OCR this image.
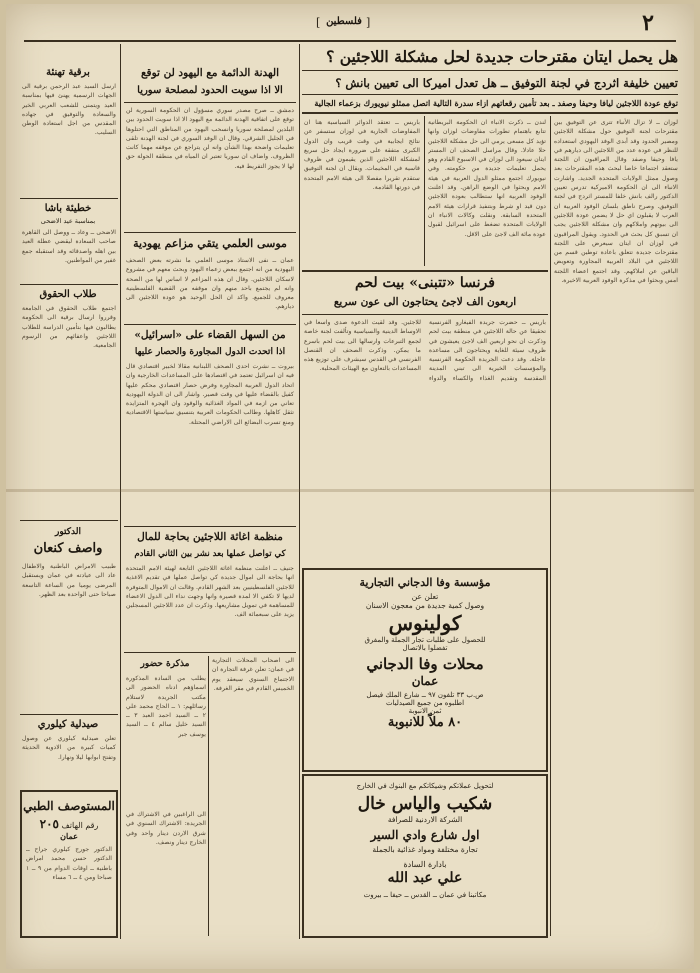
٢
[ فلسطين ]
هل يحمل ايتان مقترحات جديدة لحل مشكلة اللاجئين ؟
تعيين خليفة اثردج في لجنة التوفيق ــ هل تعدل اميركا الى تعيين بانش ؟
توقع عودة اللاجئين ليافا وحيفا وصفد ـ بعد تأمين رقعاتهم ازاء سدرة التالية اتصل ممثلو نيويورك بزعماء الجالية
لوزان ــ لا تزال الأنباء تترى عن التوفيق بين مقترحات لجنة التوفيق حول مشكلة اللاجئين ومصير الحدود وقد أبدى الوفد اليهودي استعداده للنظر في عودة عدد من اللاجئين الى ديارهم في يافا وحيفا وصفد وقال المراقبون ان اللجنة ستعقد اجتماعا خاصا لبحث هذه المقترحات بعد وصول ممثل الولايات المتحدة الجديد. واشارت الانباء الى ان الحكومة الاميركية تدرس تعيين الدكتور رالف بانش خلفا للمستر اثردج في لجنة التوفيق. وصرح ناطق بلسان الوفود العربية ان العرب لا يقبلون اي حل لا يضمن عودة اللاجئين الى بيوتهم واملاكهم وان مشكلة اللاجئين يجب ان تسبق كل بحث في الحدود. ويقول المراقبون في لوزان ان ايتان سيعرض على اللجنة مقترحات جديدة تتعلق باعادة توطين قسم من اللاجئين في البلاد العربية المجاورة وتعويض الباقين عن املاكهم. وقد اجتمع اعضاء اللجنة امس وبحثوا في مذكرة الوفود العربية الاخيرة.
لندن ــ ذكرت الانباء ان الحكومة البريطانية تتابع باهتمام تطورات مفاوضات لوزان وانها تؤيد كل مسعى يرمي الى حل مشكلة اللاجئين حلا عادلا. وقال مراسل الصحف ان المستر ايتان سيعود الى لوزان في الاسبوع القادم وهو يحمل تعليمات جديدة من حكومته. وفي نيويورك اجتمع ممثلو الدول العربية في هيئة الامم وبحثوا في الوضع الراهن. وقد اعلنت الوفود العربية انها ستطالب بعودة اللاجئين دون قيد او شرط وبتنفيذ قرارات هيئة الامم المتحدة السابقة. ونقلت وكالات الانباء ان الولايات المتحدة تضغط على اسرائيل لقبول عودة مائة الف لاجئ على الاقل.
باريس ــ تعتقد الدوائر السياسية هنا ان المفاوضات الجارية في لوزان ستسفر عن نتائج ايجابية في وقت قريب وان الدول الكبرى متفقة على ضرورة ايجاد حل سريع لمشكلة اللاجئين الذين يقيمون في ظروف قاسية في المخيمات. ويقال ان لجنة التوفيق ستقدم تقريرا مفصلا الى هيئة الامم المتحدة في دورتها القادمة.
فرنسا «تتبنى» بيت لحم
اربعون الف لاجئ يحتاجون الى عون سريع
باريس ــ حضرت جريدة الفيغارو الفرنسية تحقيقا عن حالة اللاجئين في منطقة بيت لحم وذكرت ان نحو اربعين الف لاجئ يعيشون في ظروف سيئة للغاية ويحتاجون الى مساعدة عاجلة. وقد دعت الجريدة الحكومة الفرنسية والمؤسسات الخيرية الى تبني المدينة المقدسة وتقديم الغذاء والكساء والدواء للاجئين. وقد لقيت الدعوة صدى واسعا في الاوساط الدينية والسياسية وتألفت لجنة خاصة لجمع التبرعات وارسالها الى بيت لحم باسرع ما يمكن. وذكرت الصحف ان القنصل الفرنسي في القدس سيشرف على توزيع هذه المساعدات بالتعاون مع الهيئات المحلية.
مؤسسة وفا الدجاني التجارية
تعلن عن
وصول كمية جديدة من معجون الاسنان
كولينوس
للحصول على طلبات تجار الجملة والمفرق
تفضلوا بالاتصال
محلات وفا الدجاني
عمان
ص.ب ٣٣ تلفون ٩٧ ــ شارع الملك فيصل
اطلبوه من جميع الصيدليات
ثمن الانبوبة
٨٠ ملاً للانبوبة
لتحويل عملاتكم وشيكاتكم مع البنوك في الخارج
شكيب والياس خال
الشركة الاردنية للصرافة
اول شارع وادي السير
تجارة مختلفة ومواد غذائية بالجملة
بادارة السادة
علي عبد الله
مكاتبنا في عمان ــ القدس ــ حيفا ــ بيروت
الهدنة الدائمة مع اليهود لن توقع
الا اذا سويت الحدود لمصلحة سوريا
دمشق ــ صرح مصدر سوري مسؤول ان الحكومة السورية لن توقع على اتفاقية الهدنة الدائمة مع اليهود الا اذا سويت الحدود بين البلدين لمصلحة سوريا وانسحب اليهود من المناطق التي احتلوها في الجليل الشرقي. وقال ان الوفد السوري في لجنة الهدنة تلقى تعليمات واضحة بهذا الشأن وانه لن يتراجع عن موقفه مهما كانت الظروف. واضاف ان سوريا تعتبر ان المياه في منطقة الحولة حق لها لا يجوز التفريط فيه.
موسى العلمي يتقي مزاعم يهودية
عمان ــ نفى الاستاذ موسى العلمي ما نشرته بعض الصحف اليهودية من انه اجتمع ببعض زعماء اليهود وبحث معهم في مشروع لاسكان اللاجئين. وقال ان هذه المزاعم لا اساس لها من الصحة وانه لم يجتمع باحد منهم وان موقفه من القضية الفلسطينية معروف للجميع. واكد ان الحل الوحيد هو عودة اللاجئين الى ديارهم.
من السهل القضاء على «اسرائيل»
اذا اتحدت الدول المجاورة والحصار عليها
بيروت ــ نشرت احدى الصحف اللبنانية مقالا لخبير اقتصادي قال فيه ان اسرائيل تعتمد في اقتصادها على المساعدات الخارجية وان اتحاد الدول العربية المجاورة وفرض حصار اقتصادي محكم عليها كفيل بالقضاء عليها في وقت قصير. واشار الى ان الدولة اليهودية تعاني من ازمة في المواد الغذائية والوقود وان الهجرة المتزايدة تثقل كاهلها. وطالب الحكومات العربية بتنسيق سياستها الاقتصادية ومنع تسرب البضائع الى الاراضي المحتلة.
منظمة اغاثة اللاجئين بحاجة للمال
كي تواصل عملها بعد نشر بين الثاني القادم
جنيف ــ اعلنت منظمة اغاثة اللاجئين التابعة لهيئة الامم المتحدة انها بحاجة الى اموال جديدة كي تواصل عملها في تقديم الاغذية للاجئين الفلسطينيين بعد الشهر القادم. وقالت ان الاموال المتوفرة لديها لا تكفي الا لمدة قصيرة وانها وجهت نداء الى الدول الاعضاء للمساهمة في تمويل مشاريعها. وذكرت ان عدد اللاجئين المسجلين يزيد على سبعمائة الف.
الى اصحاب المحلات التجارية في عمان: تعلن غرفة التجارة ان الاجتماع السنوي سيعقد يوم الخميس القادم في مقر الغرفة.
مذكرة حضور
يطلب من السادة المذكورة اسماؤهم ادناه الحضور الى مكتب الجريدة لاستلام رسائلهم: ١ ــ الحاج محمد علي ٢ ــ السيد احمد العبد ٣ ــ السيد خليل سالم ٤ ــ السيد يوسف جبر
الى الراغبين في الاشتراك في الجريدة: الاشتراك السنوي في شرق الاردن دينار واحد وفي الخارج دينار ونصف.
برقية تهنئة
ارسل السيد عبد الرحمن برقية الى الجهات الرسمية يهنئ فيها بمناسبة العيد ويتمنى للشعب العربي الخير والسعادة والتوفيق في جهاده المقدس من اجل استعادة الوطن السليب.
خطيئة باشا
بمناسبة عيد الاضحى
الاضحى ــ وعاد ــ ووصل الى القاهرة صاحب السعادة ليقضي عطلة العيد بين اهله واصدقائه وقد استقبله جمع غفير من المواطنين.
طلاب الحقوق
اجتمع طلاب الحقوق في الجامعة وقرروا ارسال برقية الى الحكومة يطالبون فيها بتأمين الدراسة للطلاب اللاجئين واعفائهم من الرسوم الجامعية.
الدكتور
واصف كنعان
طبيب الامراض الباطنية والاطفال عاد الى عيادته في عمان ويستقبل المرضى يوميا من الساعة التاسعة صباحا حتى الواحدة بعد الظهر.
صيدلية كيلوري
تعلن صيدلية كيلوري عن وصول كميات كبيرة من الادوية الحديثة وتفتح ابوابها ليلا ونهارا.
المستوصف الطبي
رقم الهاتف ٢٠٥
عمان
الدكتور جورج كيلوري جراح ــ الدكتور حسن محمد امراض باطنية ــ اوقات الدوام من ٩ ــ ١ صباحا ومن ٤ ــ ٦ مساء
